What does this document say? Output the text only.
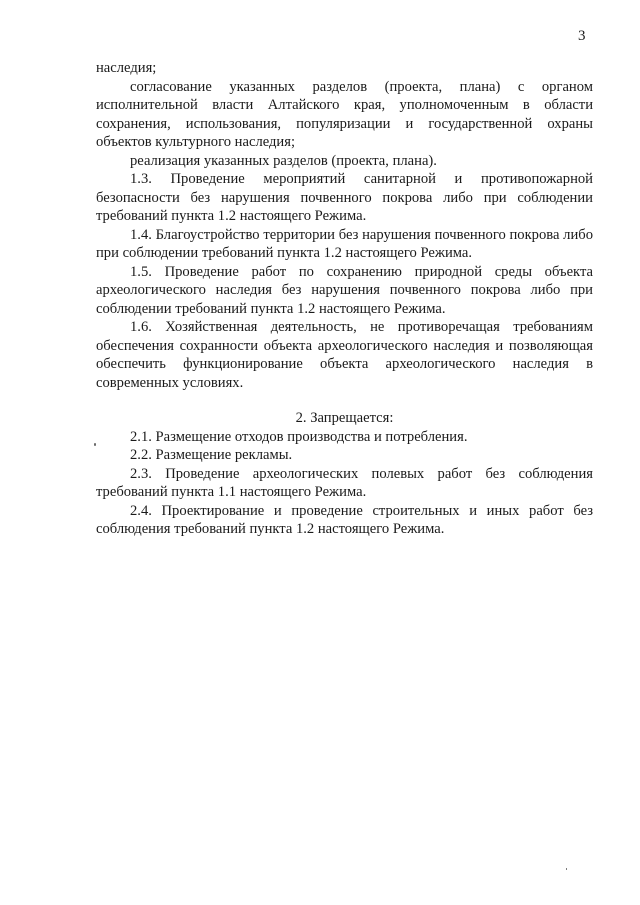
3

наследия;

согласование указанных разделов (проекта, плана) с органом исполнительной власти Алтайского края, уполномоченным в области сохранения, использования, популяризации и государственной охраны объектов культурного наследия;

реализация указанных разделов (проекта, плана).

1.3. Проведение мероприятий санитарной и противопожарной безопасности без нарушения почвенного покрова либо при соблюдении требований пункта 1.2 настоящего Режима.

1.4. Благоустройство территории без нарушения почвенного покрова либо при соблюдении требований пункта 1.2 настоящего Режима.

1.5. Проведение работ по сохранению природной среды объекта археологического наследия без нарушения почвенного покрова либо при соблюдении требований пункта 1.2 настоящего Режима.

1.6. Хозяйственная деятельность, не противоречащая требованиям обеспечения сохранности объекта археологического наследия и позволяющая обеспечить функционирование объекта археологического наследия в современных условиях.

2. Запрещается:

2.1. Размещение отходов производства и потребления.

2.2. Размещение рекламы.

2.3. Проведение археологических полевых работ без соблюдения требований пункта 1.1 настоящего Режима.

2.4. Проектирование и проведение строительных и иных работ без соблюдения требований пункта 1.2 настоящего Режима.
